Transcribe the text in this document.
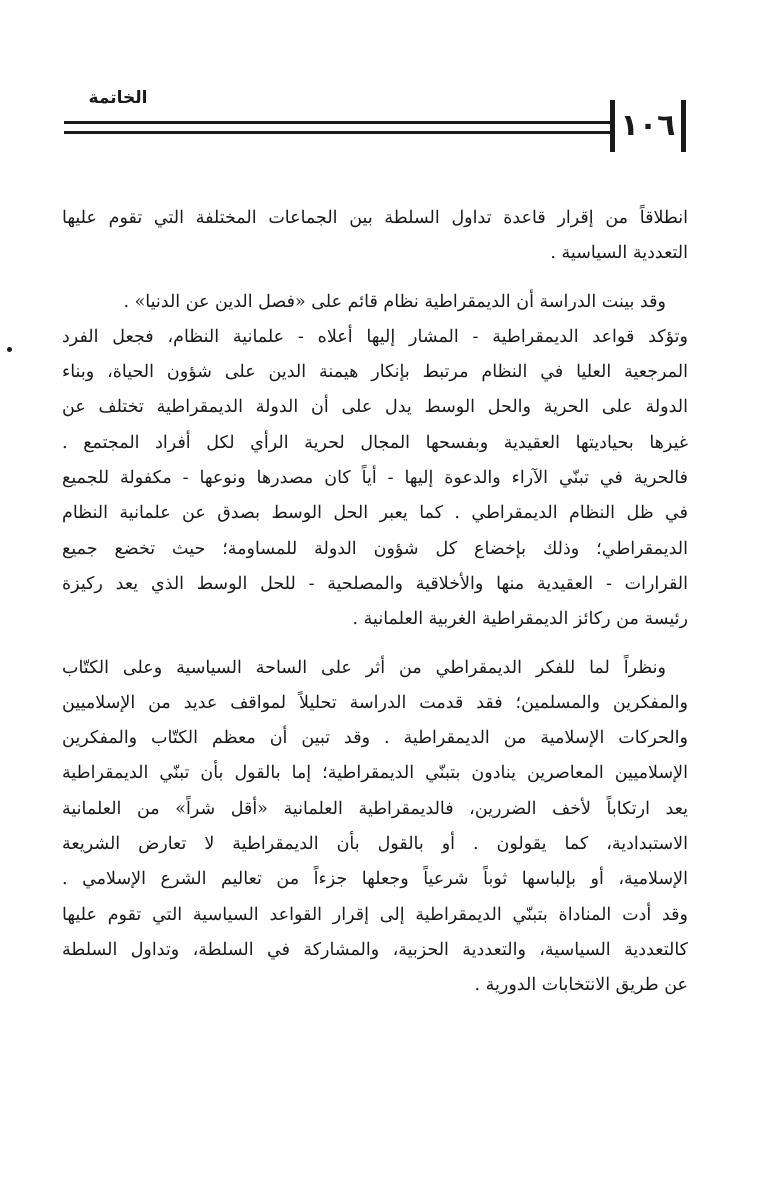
الخاتمة
١٠٦
انطلاقاً من إقرار قاعدة تداول السلطة بين الجماعات المختلفة التي تقوم عليها
التعددية السياسية .
وقد بينت الدراسة أن الديمقراطية نظام قائم على «فصل الدين عن الدنيا» .
وتؤكد قواعد الديمقراطية - المشار إليها أعلاه - علمانية النظام، فجعل الفرد
المرجعية العليا في النظام مرتبط بإنكار هيمنة الدين على شؤون الحياة، وبناء
الدولة على الحرية والحل الوسط يدل على أن الدولة الديمقراطية تختلف عن
غيرها بحياديتها العقيدية وبفسحها المجال لحرية الرأي لكل أفراد المجتمع .
فالحرية في تبنّي الآراء والدعوة إليها - أياً كان مصدرها ونوعها - مكفولة للجميع
في ظل النظام الديمقراطي . كما يعبر الحل الوسط بصدق عن علمانية النظام
الديمقراطي؛ وذلك بإخضاع كل شؤون الدولة للمساومة؛ حيث تخضع جميع
القرارات - العقيدية منها والأخلاقية والمصلحية - للحل الوسط الذي يعد ركيزة
رئيسة من ركائز الديمقراطية الغربية العلمانية .
ونظراً لما للفكر الديمقراطي من أثر على الساحة السياسية وعلى الكتّاب
والمفكرين والمسلمين؛ فقد قدمت الدراسة تحليلاً لمواقف عديد من الإسلاميين
والحركات الإسلامية من الديمقراطية . وقد تبين أن معظم الكتّاب والمفكرين
الإسلاميين المعاصرين ينادون بتبنّي الديمقراطية؛ إما بالقول بأن تبنّي الديمقراطية
يعد ارتكاباً لأخف الضررين، فالديمقراطية العلمانية «أقل شراً» من العلمانية
الاستبدادية، كما يقولون . أو بالقول بأن الديمقراطية لا تعارض الشريعة
الإسلامية، أو بإلباسها ثوباً شرعياً وجعلها جزءاً من تعاليم الشرع الإسلامي .
وقد أدت المناداة بتبنّي الديمقراطية إلى إقرار القواعد السياسية التي تقوم عليها
كالتعددية السياسية، والتعددية الحزبية، والمشاركة في السلطة، وتداول السلطة
عن طريق الانتخابات الدورية .
